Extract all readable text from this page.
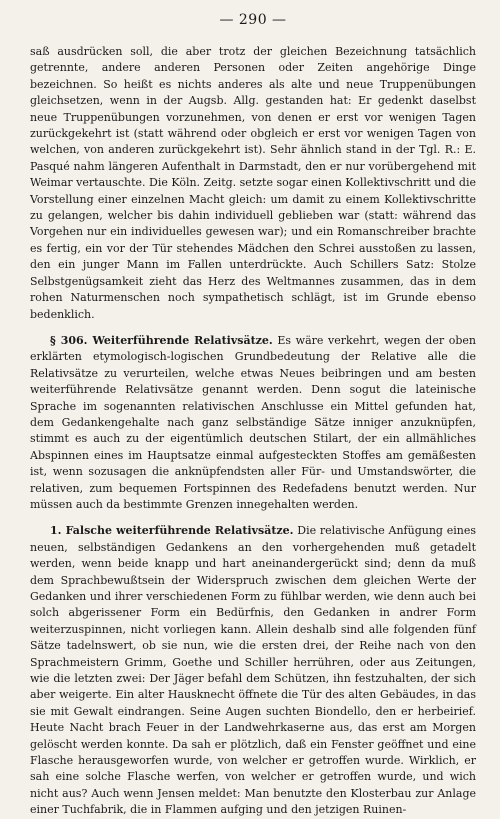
— 290 —

saß ausdrücken soll, die aber trotz der gleichen Bezeichnung tatsächlich getrennte, andere anderen Personen oder Zeiten angehörige Dinge bezeichnen. So heißt es nichts anderes als alte und neue Truppenübungen gleichsetzen, wenn in der Augsb. Allg. gestanden hat: Er gedenkt daselbst neue Truppenübungen vorzunehmen, von denen er erst vor wenigen Tagen zurückgekehrt ist (statt während oder obgleich er erst vor wenigen Tagen von welchen, von anderen zurückgekehrt ist). Sehr ähnlich stand in der Tgl. R.: E. Pasqué nahm längeren Aufenthalt in Darmstadt, den er nur vorübergehend mit Weimar vertauschte. Die Köln. Zeitg. setzte sogar einen Kollektivschritt und die Vorstellung einer einzelnen Macht gleich: um damit zu einem Kollektivschritte zu gelangen, welcher bis dahin individuell geblieben war (statt: während das Vorgehen nur ein individuelles gewesen war); und ein Romanschreiber brachte es fertig, ein vor der Tür stehendes Mädchen den Schrei ausstoßen zu lassen, den ein junger Mann im Fallen unterdrückte. Auch Schillers Satz: Stolze Selbstgenügsamkeit zieht das Herz des Weltmannes zusammen, das in dem rohen Naturmenschen noch sympathetisch schlägt, ist im Grunde ebenso bedenklich.

§ 306. Weiterführende Relativsätze. Es wäre verkehrt, wegen der oben erklärten etymologisch-logischen Grundbedeutung der Relative alle die Relativsätze zu verurteilen, welche etwas Neues beibringen und am besten weiterführende Relativsätze genannt werden. Denn sogut die lateinische Sprache im sogenannten relativischen Anschlusse ein Mittel gefunden hat, dem Gedankengehalte nach ganz selbständige Sätze inniger anzuknüpfen, stimmt es auch zu der eigentümlich deutschen Stilart, der ein allmähliches Abspinnen eines im Hauptsatze einmal aufgesteckten Stoffes am gemäßesten ist, wenn sozusagen die anknüpfendsten aller Für- und Umstandswörter, die relativen, zum bequemen Fortspinnen des Redefadens benutzt werden. Nur müssen auch da bestimmte Grenzen innegehalten werden.

1. Falsche weiterführende Relativsätze. Die relativische Anfügung eines neuen, selbständigen Gedankens an den vorhergehenden muß getadelt werden, wenn beide knapp und hart aneinandergerückt sind; denn da muß dem Sprachbewußtsein der Widerspruch zwischen dem gleichen Werte der Gedanken und ihrer verschiedenen Form zu fühlbar werden, wie denn auch bei solch abgerissener Form ein Bedürfnis, den Gedanken in andrer Form weiterzuspinnen, nicht vorliegen kann. Allein deshalb sind alle folgenden fünf Sätze tadelnswert, ob sie nun, wie die ersten drei, der Reihe nach von den Sprachmeistern Grimm, Goethe und Schiller herrühren, oder aus Zeitungen, wie die letzten zwei: Der Jäger befahl dem Schützen, ihn festzuhalten, der sich aber weigerte. Ein alter Hausknecht öffnete die Tür des alten Gebäudes, in das sie mit Gewalt eindrangen. Seine Augen suchten Biondello, den er herbeirief. Heute Nacht brach Feuer in der Landwehrkaserne aus, das erst am Morgen gelöscht werden konnte. Da sah er plötzlich, daß ein Fenster geöffnet und eine Flasche herausgeworfen wurde, von welcher er getroffen wurde. Wirklich, er sah eine solche Flasche werfen, von welcher er getroffen wurde, und wich nicht aus? Auch wenn Jensen meldet: Man benutzte den Klosterbau zur Anlage einer Tuchfabrik, die in Flammen aufging und den jetzigen Ruinen-
